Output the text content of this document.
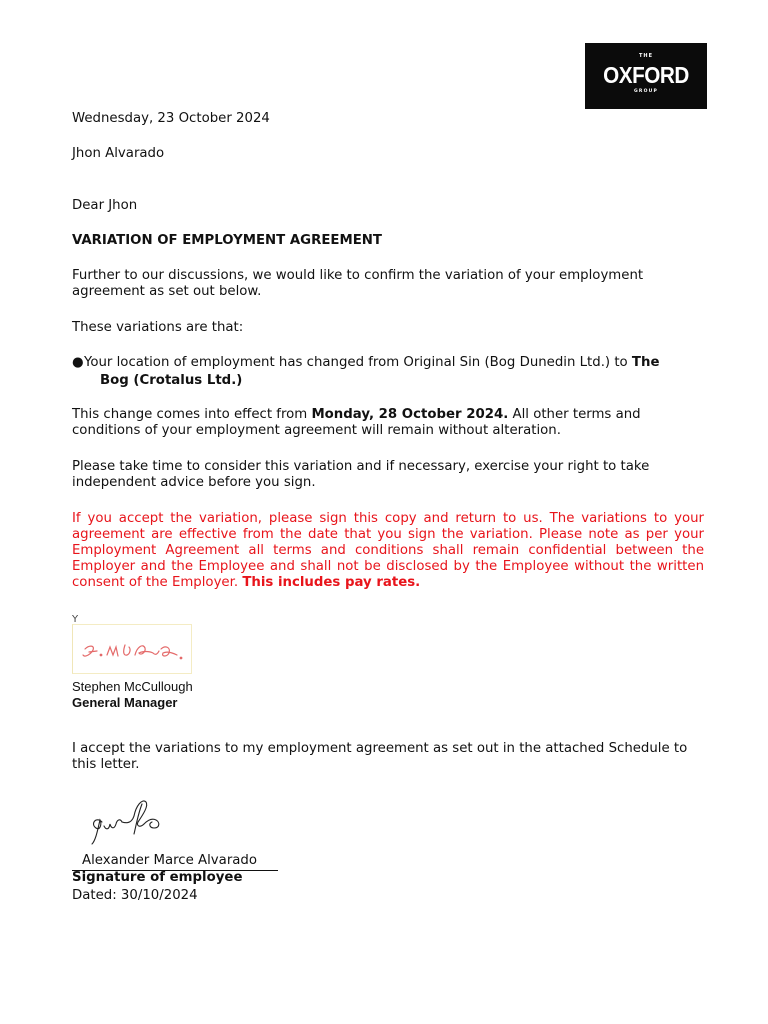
THE
OXFORD
GROUP

Wednesday, 23 October 2024

Jhon Alvarado

Dear Jhon

VARIATION OF EMPLOYMENT AGREEMENT

Further to our discussions, we would like to confirm the variation of your employment agreement as set out below.

These variations are that:

● Your location of employment has changed from Original Sin (Bog Dunedin Ltd.) to The
Bog (Crotalus Ltd.)

This change comes into effect from Monday, 28 October 2024. All other terms and conditions of your employment agreement will remain without alteration.

Please take time to consider this variation and if necessary, exercise your right to take independent advice before you sign.

If you accept the variation, please sign this copy and return to us. The variations to your agreement are effective from the date that you sign the variation. Please note as per your Employment Agreement all terms and conditions shall remain confidential between the Employer and the Employee and shall not be disclosed by the Employee without the written consent of the Employer. This includes pay rates.

Y

Stephen McCullough

General Manager

I accept the variations to my employment agreement as set out in the attached Schedule to this letter.

Alexander Marce Alvarado

Signature of employee

Dated: 30/10/2024
